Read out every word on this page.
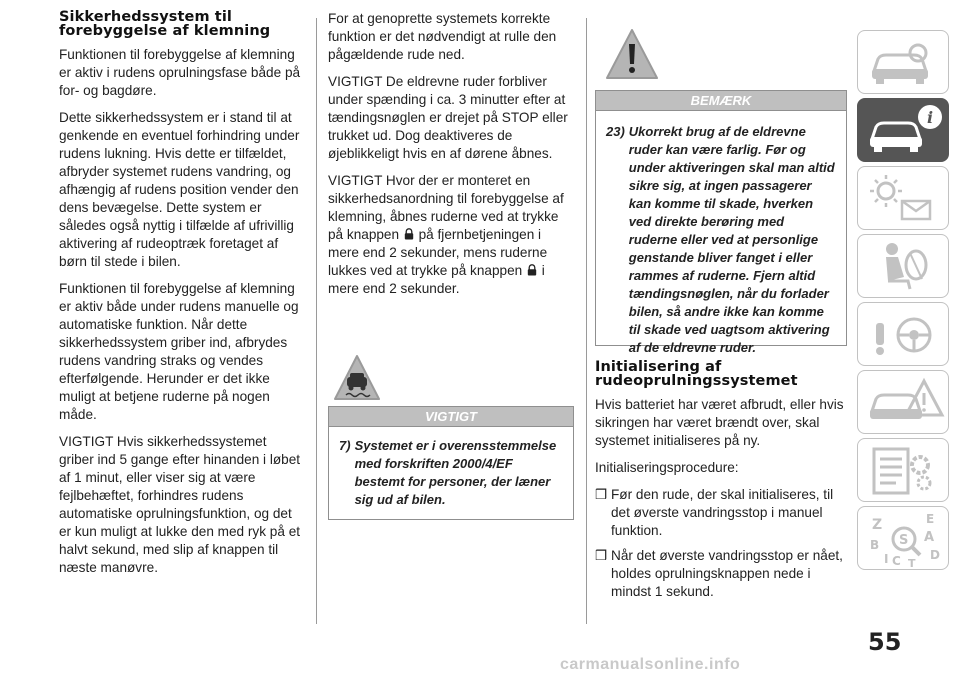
Sikkerhedssystem til forebyggelse af klemning

Funktionen til forebyggelse af klemning er aktiv i rudens oprulningsfase både på for- og bagdøre.

Dette sikkerhedssystem er i stand til at genkende en eventuel forhindring under rudens lukning. Hvis dette er tilfældet, afbryder systemet rudens vandring, og afhængig af rudens position vender den dens bevægelse. Dette system er således også nyttig i tilfælde af ufrivillig aktivering af rudeoptræk foretaget af børn til stede i bilen.

Funktionen til forebyggelse af klemning er aktiv både under rudens manuelle og automatiske funktion. Når dette sikkerhedssystem griber ind, afbrydes rudens vandring straks og vendes efterfølgende. Herunder er det ikke muligt at betjene ruderne på nogen måde.

VIGTIGT Hvis sikkerhedssystemet griber ind 5 gange efter hinanden i løbet af 1 minut, eller viser sig at være fejlbehæftet, forhindres rudens automatiske oprulningsfunktion, og det er kun muligt at lukke den med ryk på et halvt sekund, med slip af knappen til næste manøvre.

For at genoprette systemets korrekte funktion er det nødvendigt at rulle den pågældende rude ned.

VIGTIGT De eldrevne ruder forbliver under spænding i ca. 3 minutter efter at tændingsnøglen er drejet på STOP eller trukket ud. Dog deaktiveres de øjeblikkeligt hvis en af dørene åbnes.

VIGTIGT Hvor der er monteret en sikkerhedsanordning til forebyggelse af klemning, åbnes ruderne ved at trykke på knappen på fjernbetjeningen i mere end 2 sekunder, mens ruderne lukkes ved at trykke på knappen i mere end 2 sekunder.

VIGTIGT
7) Systemet er i overensstemmelse med forskriften 2000/4/EF bestemt for personer, der læner sig ud af bilen.
BEMÆRK
23) Ukorrekt brug af de eldrevne ruder kan være farlig. Før og under aktiveringen skal man altid sikre sig, at ingen passagerer kan komme til skade, hverken ved direkte berøring med ruderne eller ved at personlige genstande bliver fanget i eller rammes af ruderne. Fjern altid tændingsnøglen, når du forlader bilen, så andre ikke kan komme til skade ved uagtsom aktivering af de eldrevne ruder.
Initialisering af rudeoprulningssystemet

Hvis batteriet har været afbrudt, eller hvis sikringen har været brændt over, skal systemet initialiseres på ny.

Initialiseringsprocedure:

❒ Før den rude, der skal initialiseres, til det øverste vandringsstop i manuel funktion.
❒ Når det øverste vandringsstop er nået, holdes oprulningsknappen nede i mindst 1 sekund.
i
Z	E
A
B
C D
I T
S
55
carmanualsonline.info
